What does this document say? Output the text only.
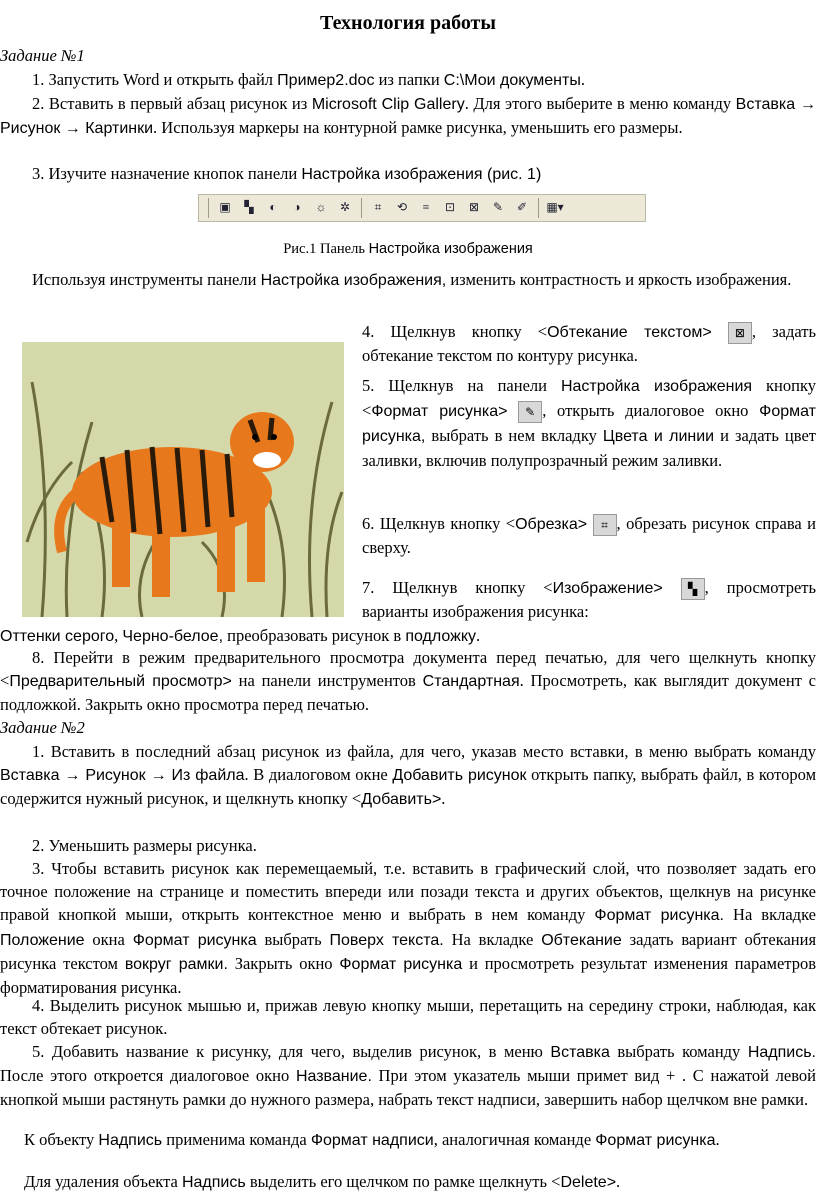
Технология работы
Задание №1

1. Запустить Word и открыть файл Пример2.doc из папки C:\Мои документы.

2. Вставить в первый абзац рисунок из Microsoft Clip Gallery. Для этого выберите в меню команду Вставка → Рисунок → Картинки. Используя маркеры на контурной рамке рисунка, уменьшить его размеры.

3. Изучите назначение кнопок панели Настройка изображения (рис. 1)

▣	▚	◐	◑	☼	✲	⌗	⟲	≡	⊡	⊠	✎	✐	▦▾
Рис.1 Панель Настройка изображения

Используя инструменты панели Настройка изображения, изменить контрастность и яркость изображения.

4. Щелкнув кнопку <Обтекание текстом> ⊠ , задать обтекание текстом по контуру рисунка.
5. Щелкнув на панели Настройка изображения кнопку <Формат рисунка> ✎ , открыть диалоговое окно Формат рисунка, выбрать в нем вкладку Цвета и линии и задать цвет заливки, включив полупрозрачный режим заливки.
6. Щелкнув кнопку <Обрезка> ⌗ , обрезать рисунок справа и сверху.
7. Щелкнув кнопку <Изображение> ▚ , просмотреть варианты изображения рисунка:

Оттенки серого, Черно-белое, преобразовать рисунок в подложку.

8. Перейти в режим предварительного просмотра документа перед печатью, для чего щелкнуть кнопку <Предварительный просмотр> на панели инструментов Стандартная. Просмотреть, как выглядит документ с подложкой. Закрыть окно просмотра перед печатью.

Задание №2

1. Вставить в последний абзац рисунок из файла, для чего, указав место вставки, в меню выбрать команду Вставка → Рисунок → Из файла. В диалоговом окне Добавить рисунок открыть папку, выбрать файл, в котором содержится нужный рисунок, и щелкнуть кнопку <Добавить>.

2. Уменьшить размеры рисунка.

3. Чтобы вставить рисунок как перемещаемый, т.е. вставить в графический слой, что позволяет задать его точное положение на странице и поместить впереди или позади текста и других объектов, щелкнув на рисунке правой кнопкой мыши, открыть контекстное меню и выбрать в нем команду Формат рисунка. На вкладке Положение окна Формат рисунка выбрать Поверх текста. На вкладке Обтекание задать вариант обтекания рисунка текстом вокруг рамки. Закрыть окно Формат рисунка и просмотреть результат изменения параметров форматирования рисунка.

4. Выделить рисунок мышью и, прижав левую кнопку мыши, перетащить на середину строки, наблюдая, как текст обтекает рисунок.

5. Добавить название к рисунку, для чего, выделив рисунок, в меню Вставка выбрать команду Надпись. После этого откроется диалоговое окно Название. При этом указатель мыши примет вид + . С нажатой левой кнопкой мыши растянуть рамки до нужного размера, набрать текст надписи, завершить набор щелчком вне рамки.

К объекту Надпись применима команда Формат надписи, аналогичная команде Формат рисунка.

Для удаления объекта Надпись выделить его щелчком по рамке щелкнуть <Delete>.
